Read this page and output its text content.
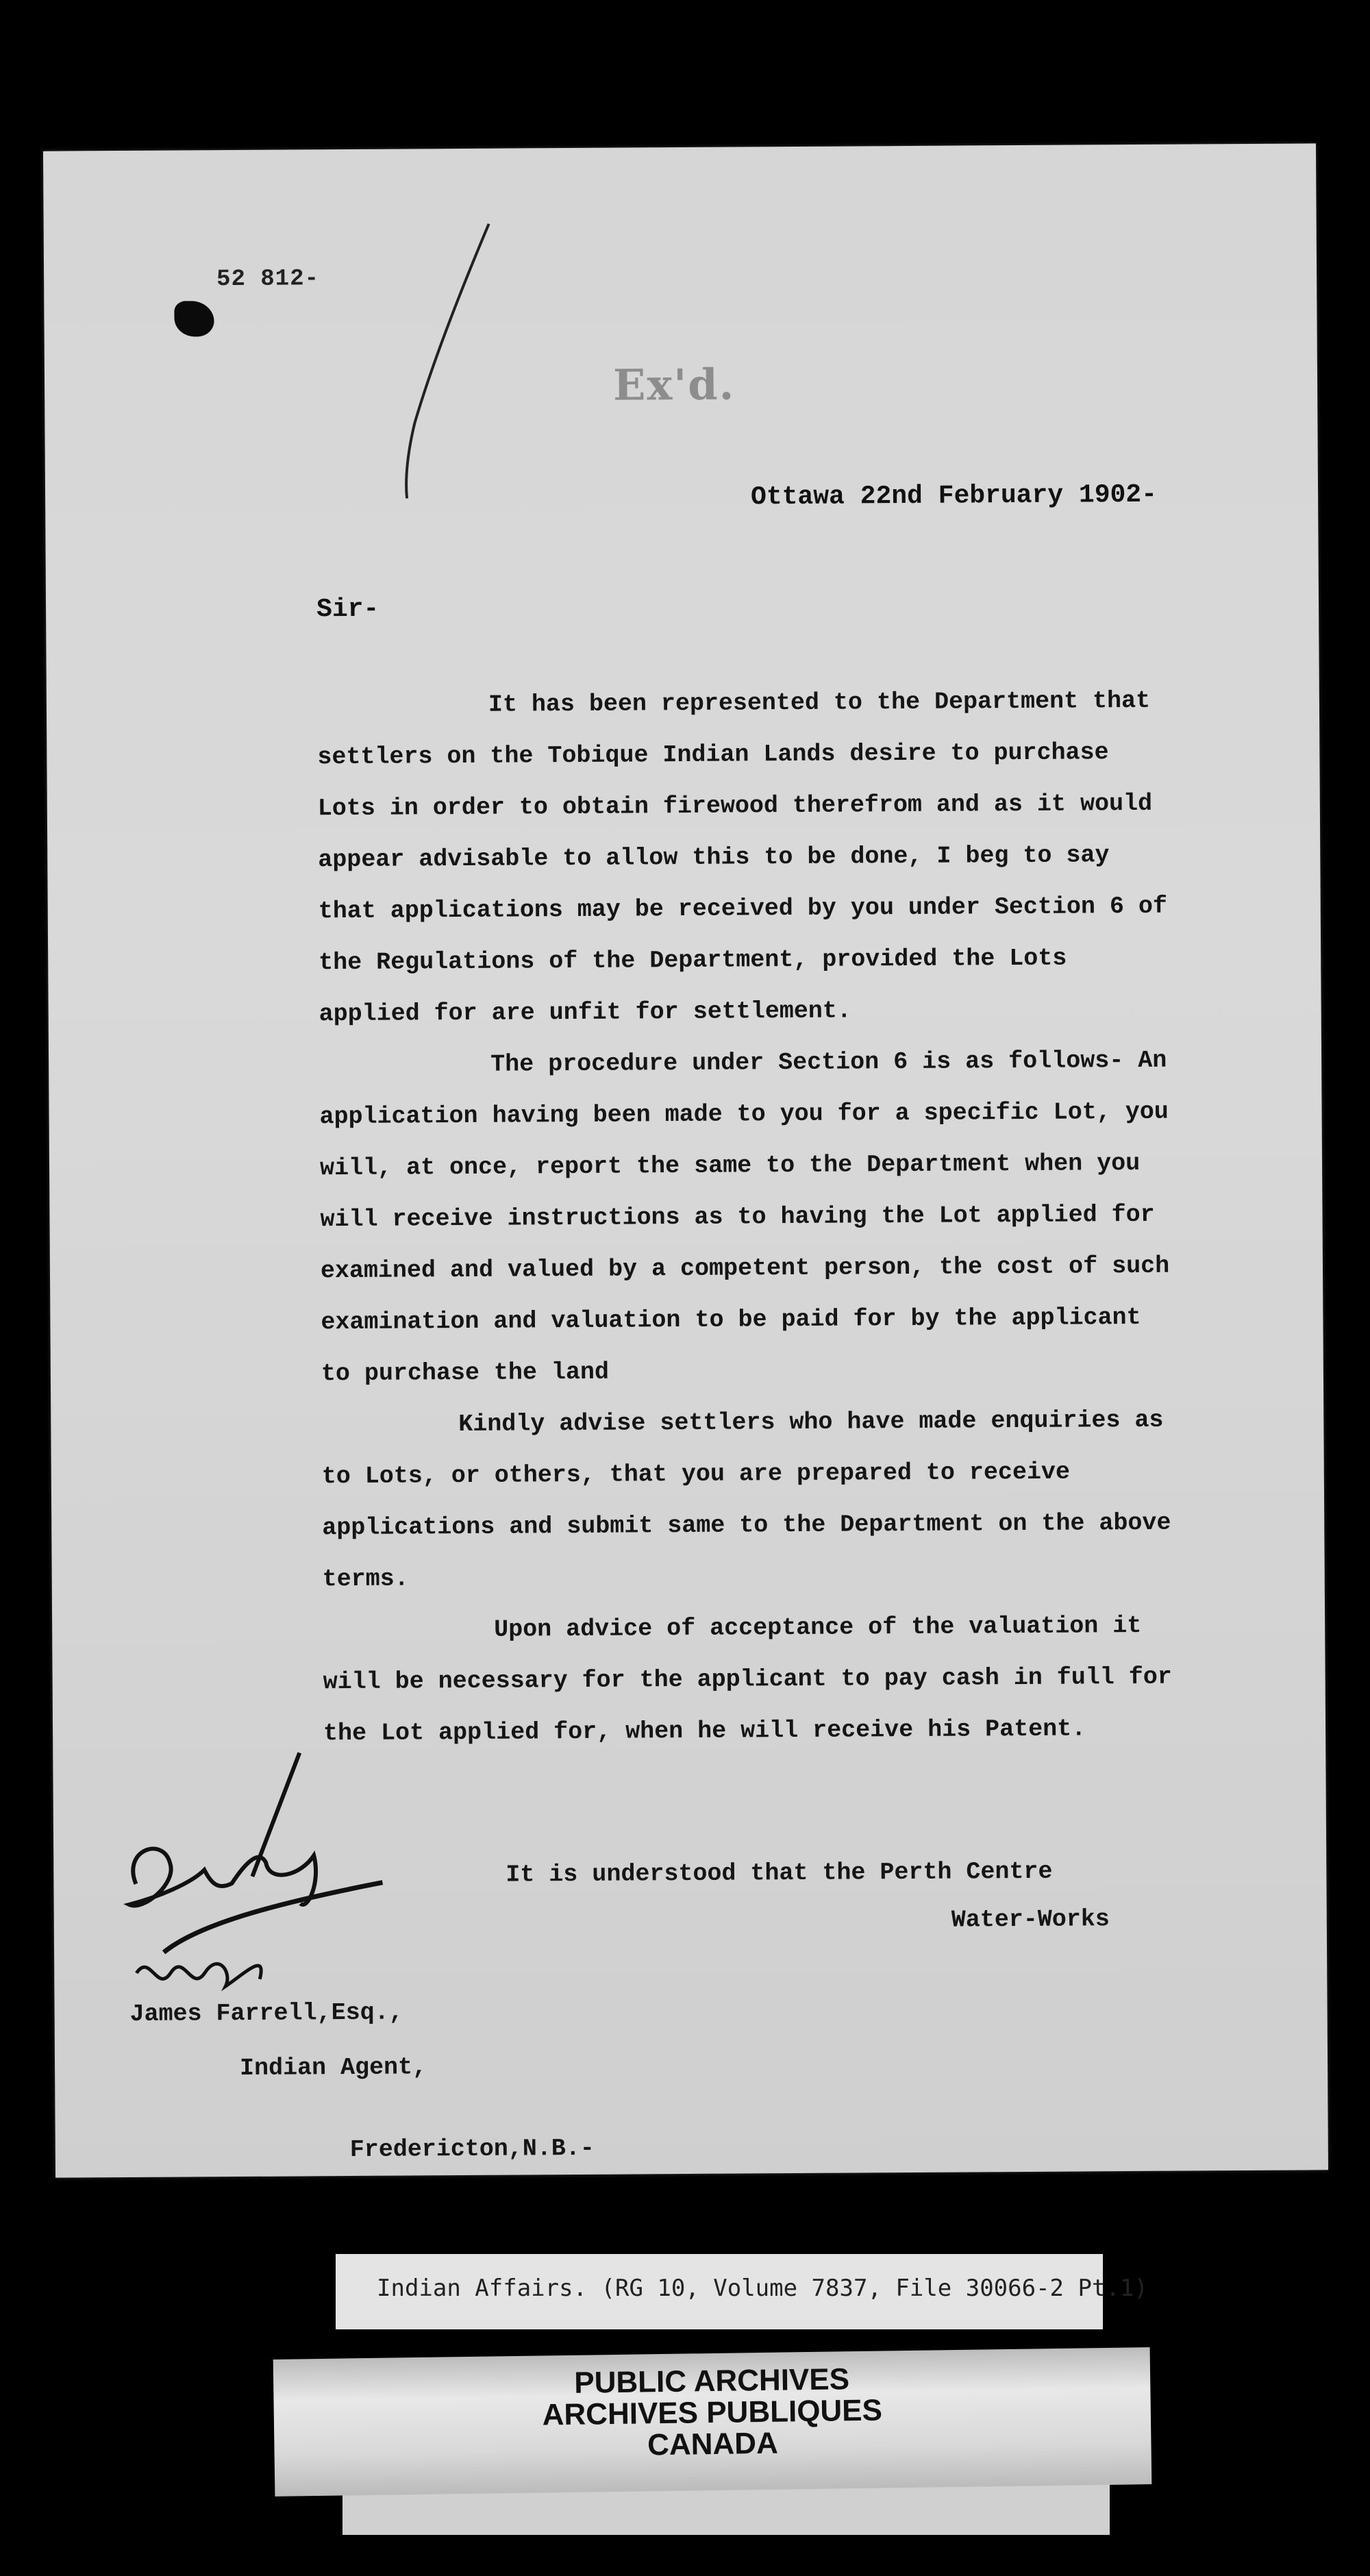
52 812-
Ex'd.
Ottawa 22nd February 1902-
Sir-

It has been represented to the Department that settlers on the Tobique Indian Lands desire to purchase Lots in order to obtain firewood therefrom and as it would appear advisable to allow this to be done, I beg to say that applications may be received by you under Section 6 of the Regulations of the Department, provided the Lots applied for are unfit for settlement.

The procedure under Section 6 is as follows- An application having been made to you for a specific Lot, you will, at once, report the same to the Department when you will receive instructions as to having the Lot applied for examined and valued by a competent person, the cost of such examination and valuation to be paid for by the applicant to purchase the land

Kindly advise settlers who have made enquiries as to Lots, or others, that you are prepared to receive applications and submit same to the Department on the above terms.

Upon advice of acceptance of the valuation it will be necessary for the applicant to pay cash in full for the Lot applied for, when he will receive his Patent.

It is understood that the Perth Centre
Water-Works
James Farrell,Esq.,
Indian Agent,
Fredericton,N.B.-
Indian Affairs. (RG 10, Volume 7837, File 30066-2 Pt.1)
PUBLIC ARCHIVES
ARCHIVES PUBLIQUES
CANADA
